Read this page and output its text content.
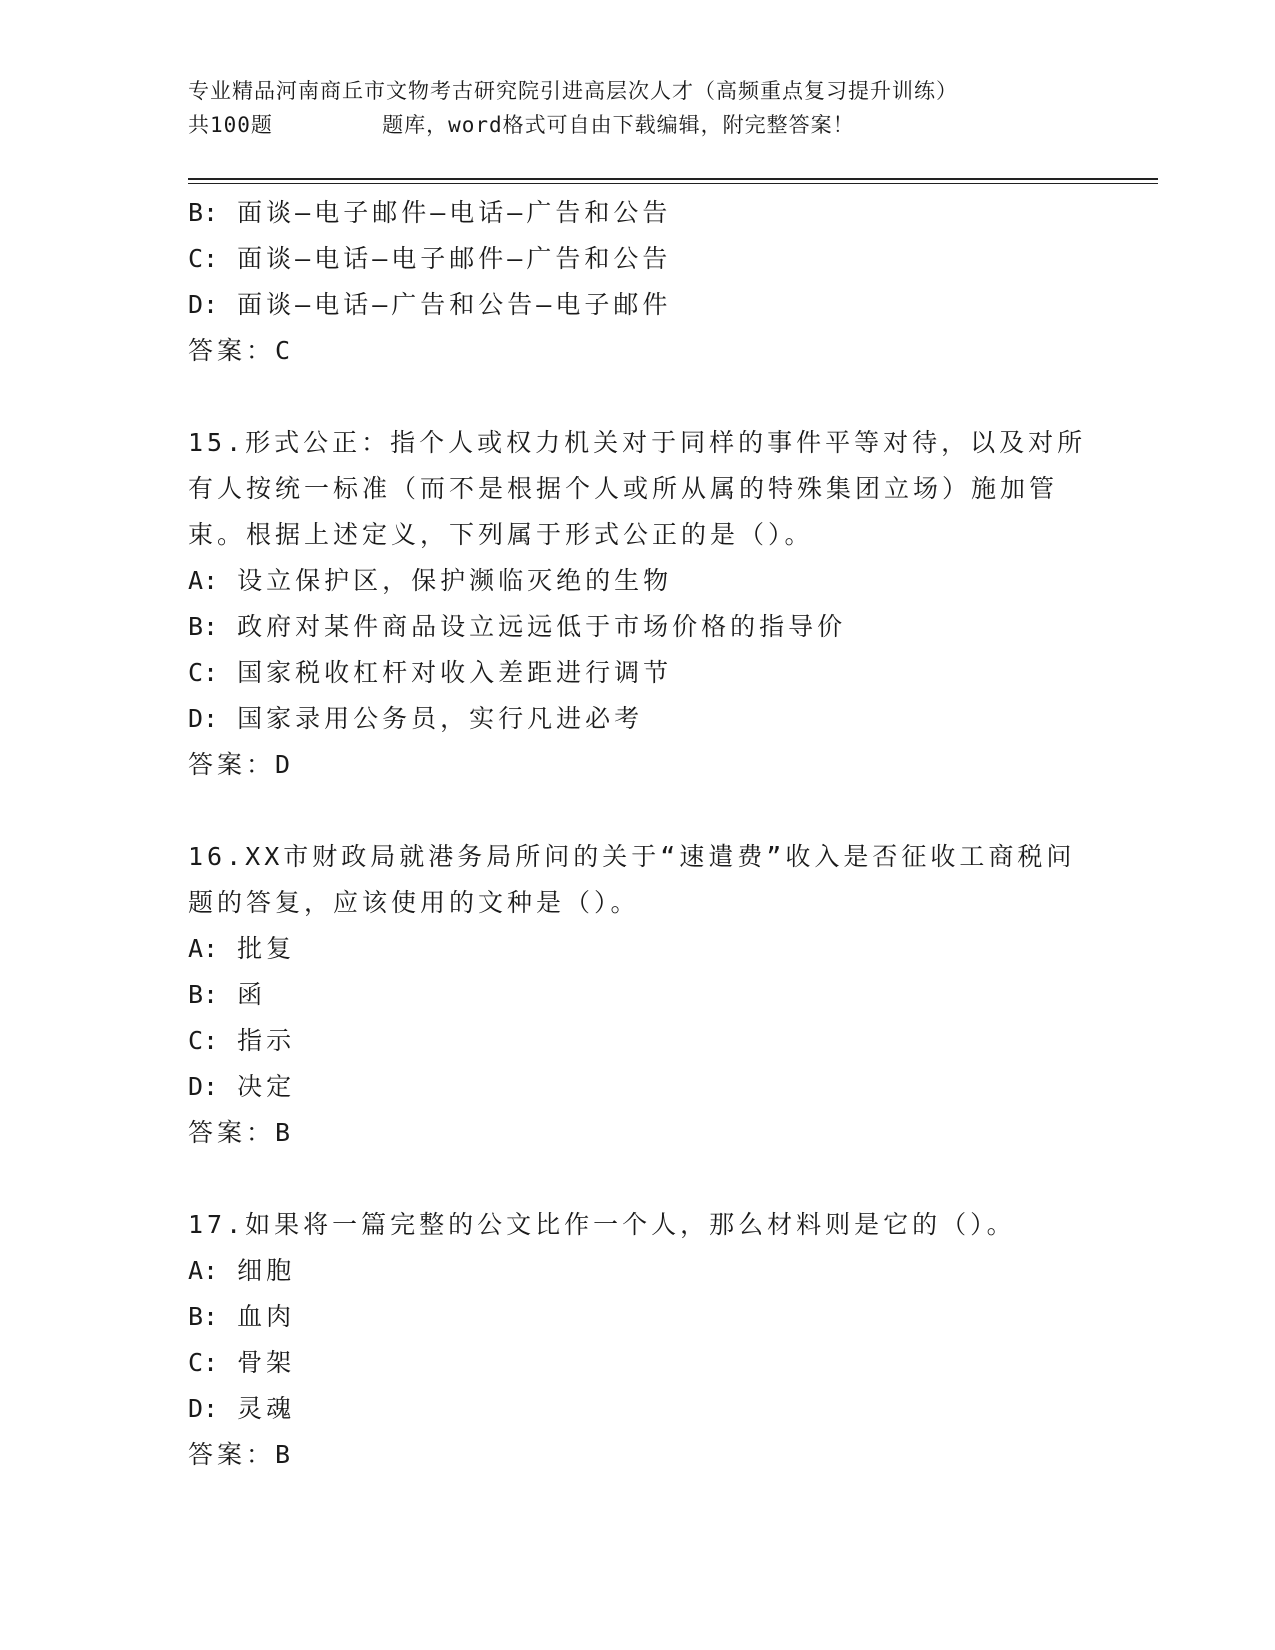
专业精品河南商丘市文物考古研究院引进高层次人才（高频重点复习提升训练）
共100题        题库，word格式可自由下载编辑，附完整答案！
B: 面谈—电子邮件—电话—广告和公告
C: 面谈—电话—电子邮件—广告和公告
D: 面谈—电话—广告和公告—电子邮件
答案：C
15.形式公正：指个人或权力机关对于同样的事件平等对待，以及对所
有人按统一标准（而不是根据个人或所从属的特殊集团立场）施加管
束。根据上述定义，下列属于形式公正的是（）。
A: 设立保护区，保护濒临灭绝的生物
B: 政府对某件商品设立远远低于市场价格的指导价
C: 国家税收杠杆对收入差距进行调节
D: 国家录用公务员，实行凡进必考
答案：D
16.XX市财政局就港务局所问的关于“速遣费”收入是否征收工商税问
题的答复，应该使用的文种是（）。
A: 批复
B: 函
C: 指示
D: 决定
答案：B
17.如果将一篇完整的公文比作一个人，那么材料则是它的（）。
A: 细胞
B: 血肉
C: 骨架
D: 灵魂
答案：B
